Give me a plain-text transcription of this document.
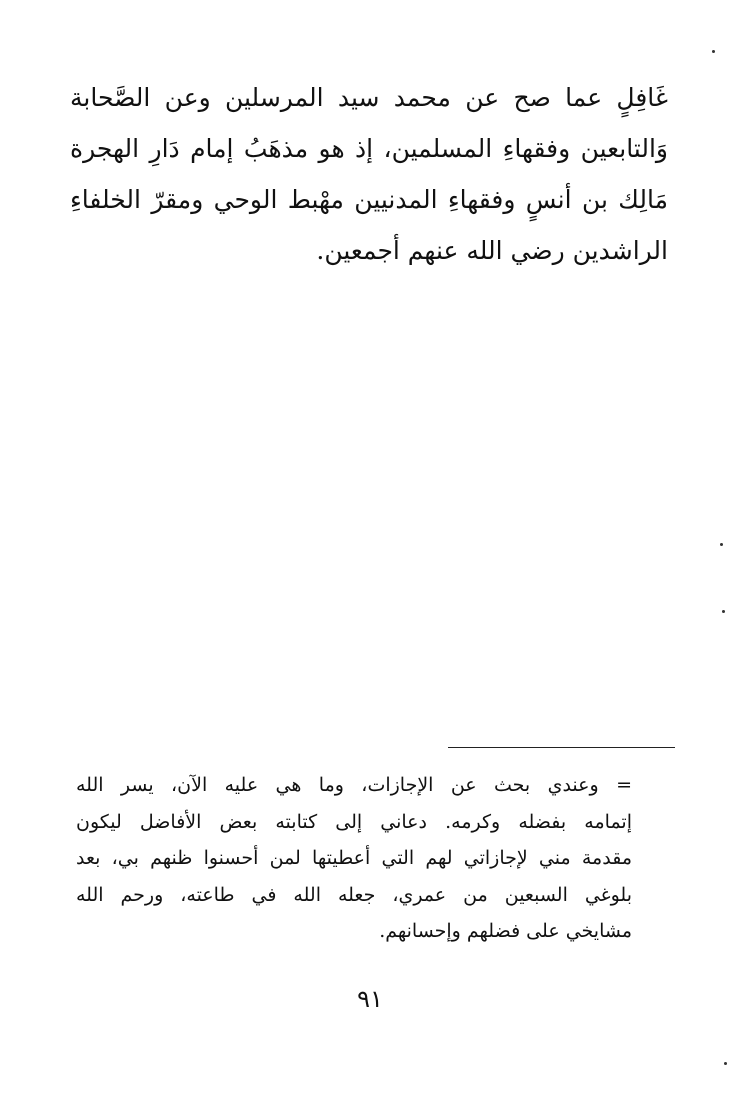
غَافِلٍ عما صح عن محمد سيد المرسلين وعن الصَّحابة
وَالتابعين وفقهاءِ المسلمين، إذ هو مذهَبُ إمام دَارِ الهجرة
مَالِك بن أنسٍ وفقهاءِ المدنيين مهْبط الوحي ومقرّ الخلفاءِ
الراشدين رضي الله عنهم أجمعين.
= وعندي بحث عن الإجازات، وما هي عليه الآن، يسر الله
إتمامه بفضله وكرمه. دعاني إلى كتابته بعض الأفاضل ليكون
مقدمة مني لإجازاتي لهم التي أعطيتها لمن أحسنوا ظنهم بي، بعد
بلوغي السبعين من عمري، جعله الله في طاعته، ورحم الله
مشايخي على فضلهم وإحسانهم.
٩١
